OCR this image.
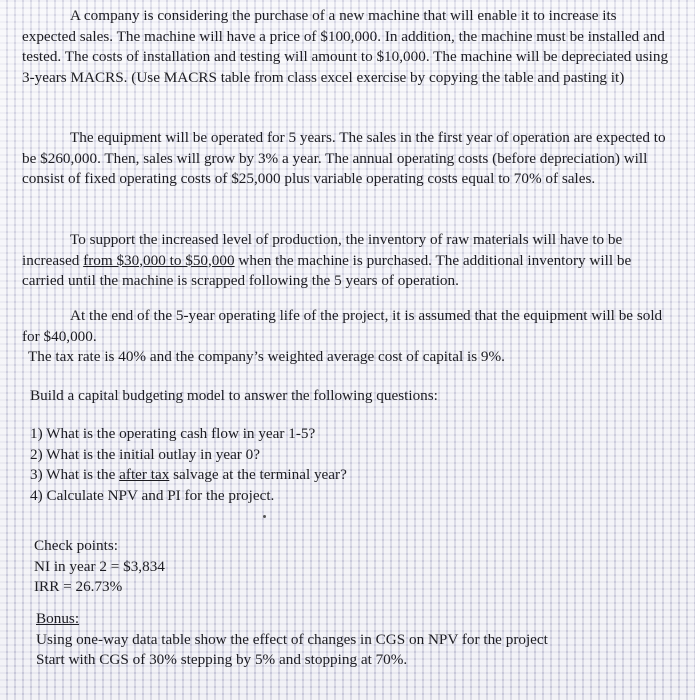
A company is considering the purchase of a new machine that will enable it to increase its expected sales. The machine will have a price of $100,000. In addition, the machine must be installed and tested. The costs of installation and testing will amount to $10,000. The machine will be depreciated using 3-years MACRS. (Use MACRS table from class excel exercise by copying the table and pasting it)

The equipment will be operated for 5 years. The sales in the first year of operation are expected to be $260,000. Then, sales will grow by 3% a year. The annual operating costs (before depreciation) will consist of fixed operating costs of $25,000 plus variable operating costs equal to 70% of sales.

To support the increased level of production, the inventory of raw materials will have to be increased from $30,000 to $50,000 when the machine is purchased. The additional inventory will be carried until the machine is scrapped following the 5 years of operation.

At the end of the 5-year operating life of the project, it is assumed that the equipment will be sold for $40,000.

The tax rate is 40% and the company’s weighted average cost of capital is 9%.

Build a capital budgeting model to answer the following questions:

1) What is the operating cash flow in year 1-5?
2) What is the initial outlay in year 0?
3) What is the after tax salvage at the terminal year?
4) Calculate NPV and PI for the project.
Check points:
NI in year 2 = $3,834
IRR = 26.73%
Bonus:
Using one-way data table show the effect of changes in CGS on NPV for the project
Start with CGS of 30% stepping by 5% and stopping at 70%.
